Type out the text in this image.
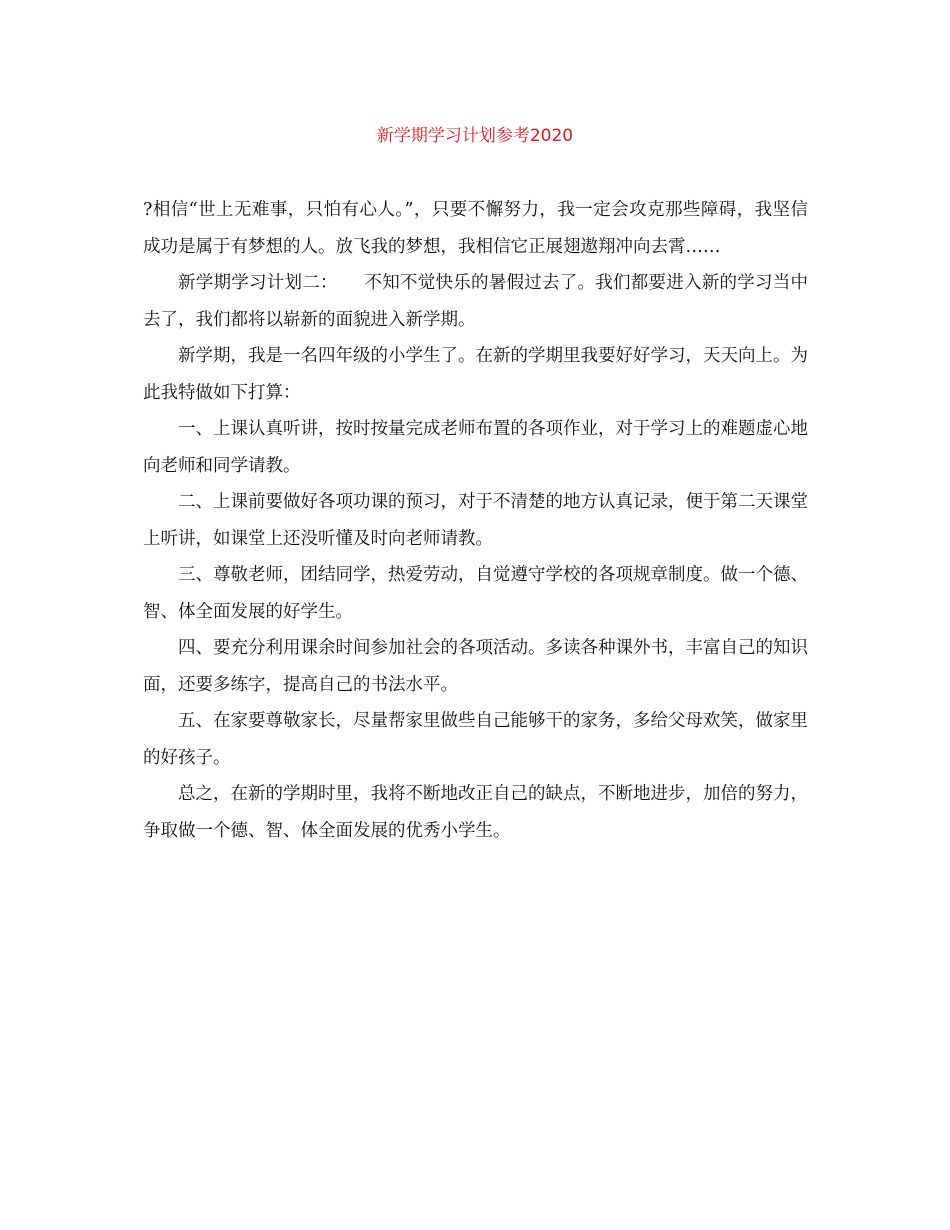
新学期学习计划参考2020

?相信“世上无难事，只怕有心人。”，只要不懈努力，我一定会攻克那些障碍，我坚信成功是属于有梦想的人。放飞我的梦想，我相信它正展翅遨翔冲向去霄……

新学期学习计划二：　　不知不觉快乐的暑假过去了。我们都要进入新的学习当中去了，我们都将以崭新的面貌进入新学期。

新学期，我是一名四年级的小学生了。在新的学期里我要好好学习，天天向上。为此我特做如下打算：

一、上课认真听讲，按时按量完成老师布置的各项作业，对于学习上的难题虚心地向老师和同学请教。

二、上课前要做好各项功课的预习，对于不清楚的地方认真记录，便于第二天课堂上听讲，如课堂上还没听懂及时向老师请教。

三、尊敬老师，团结同学，热爱劳动，自觉遵守学校的各项规章制度。做一个德、智、体全面发展的好学生。

四、要充分利用课余时间参加社会的各项活动。多读各种课外书，丰富自己的知识面，还要多练字，提高自己的书法水平。

五、在家要尊敬家长，尽量帮家里做些自己能够干的家务，多给父母欢笑，做家里的好孩子。

总之，在新的学期时里，我将不断地改正自己的缺点，不断地进步，加倍的努力，争取做一个德、智、体全面发展的优秀小学生。
